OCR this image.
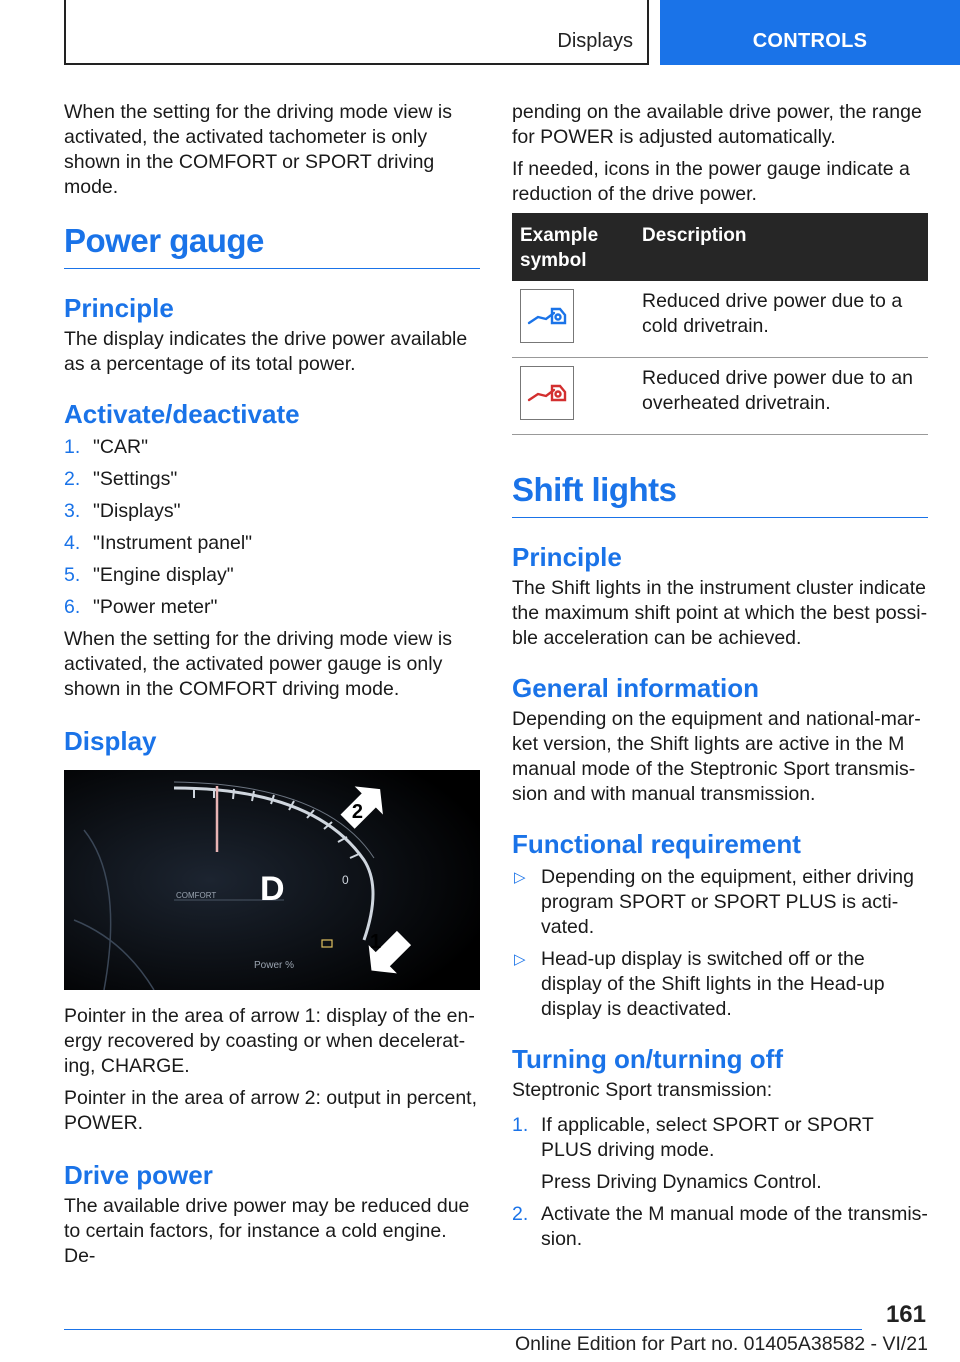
Displays	CONTROLS

When the setting for the driving mode view is activated, the activated tachometer is only shown in the COMFORT or SPORT driving mode.

Power gauge
Principle

The display indicates the drive power available as a percentage of its total power.

Activate/deactivate
1. "CAR"
2. "Settings"
3. "Displays"
4. "Instrument panel"
5. "Engine display"
6. "Power meter"

When the setting for the driving mode view is activated, the activated power gauge is only shown in the COMFORT driving mode.

Display
COMFORT D	0
Power %
2
1

Pointer in the area of arrow 1: display of the energy recovered by coasting or when decelerating, CHARGE.

Pointer in the area of arrow 2: output in percent, POWER.

Drive power

The available drive power may be reduced due to certain factors, for instance a cold engine. De-

pending on the available drive power, the range for POWER is adjusted automatically.

If needed, icons in the power gauge indicate a reduction of the drive power.

Example symbol	Description

	Reduced drive power due to a cold drivetrain.

	Reduced drive power due to an overheated drivetrain.
Shift lights
Principle

The Shift lights in the instrument cluster indicate the maximum shift point at which the best possible acceleration can be achieved.

General information

Depending on the equipment and national-market version, the Shift lights are active in the M manual mode of the Steptronic Sport transmission and with manual transmission.

Functional requirement
▷ Depending on the equipment, either driving program SPORT or SPORT PLUS is activated.
▷ Head-up display is switched off or the display of the Shift lights in the Head-up display is deactivated.
Turning on/turning off

Steptronic Sport transmission:

1. If applicable, select SPORT or SPORT PLUS driving mode.
Press Driving Dynamics Control.
2. Activate the M manual mode of the transmission.
161
Online Edition for Part no. 01405A38582 - VI/21
